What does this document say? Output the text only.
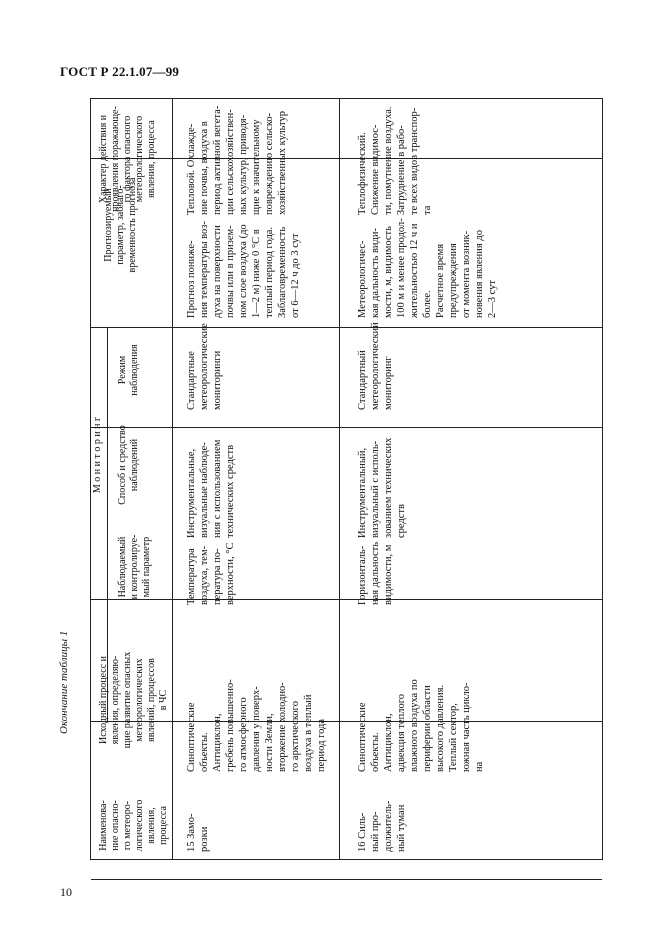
ГОСТ Р 22.1.07—99
Окончание таблицы 1
10
Наименова-
ние опасно-
го метеоро-
логического
явления,
процесса
Исходный процесс и
явления, определяю-
щие развитие опасных
метеорологических
явлений, процессов
в ЧС
М о н и т о р и н г
Наблюдаемый
и контролируе-
мый параметр
Способ и средство
наблюдений
Режим
наблюдения
Прогнозируемый
параметр, заблаго-
временность прогноза
Характер действия и
проявления поражающе-
го фактора опасного
метеорологического
явления, процесса
15 Замо-
розки
Синоптические
объекты.
Антициклон,
гребень повышенно-
го атмосферного
давления у поверх-
ности Земли,
вторжение холодно-
го арктического
воздуха в теплый
период года
Температура
воздуха, тем-
пература по-
верхности, °С
Инструментальные,
визуальные наблюде-
ния с использованием
технических средств
Стандартные
метеорологические
мониторинги
Прогноз понижe-
ния температуры воз-
духа на поверхности
почвы или в призем-
ном слое воздуха (до
1—2 м) ниже 0 °С в
теплый период года.
Заблаговременность
от 6—12 ч до 3 сут
Тепловой. Охлажде-
ние почвы, воздуха в
период активной вегета-
ции сельскохозяйствен-
ных культур, приводя-
щие к значительному
повреждению сельско-
хозяйственных культур
16 Силь-
ный про-
должитель-
ный туман
Синоптические
объекты.
Антициклон,
адвекция теплого
влажного воздуха по
периферии области
высокого давления.
Теплый сектор,
южная часть цикло-
на
Горизонталь-
ная дальность
видимости, м
Инструментальный,
визуальный с исполь-
зованием технических
средств
Стандартный
метеорологический
мониторинг
Метеорологичес-
кая дальность види-
мости, м, видимость
100 м и менее продол-
жительностью 12 ч и
более.
Расчетное время
предупреждения
от момента возник-
новения явления до
2—3 сут
Теплофизический.
Снижение видимос-
ти, помутнение воздуха.
Затруднение в рабо-
те всех видов транспор-
та
